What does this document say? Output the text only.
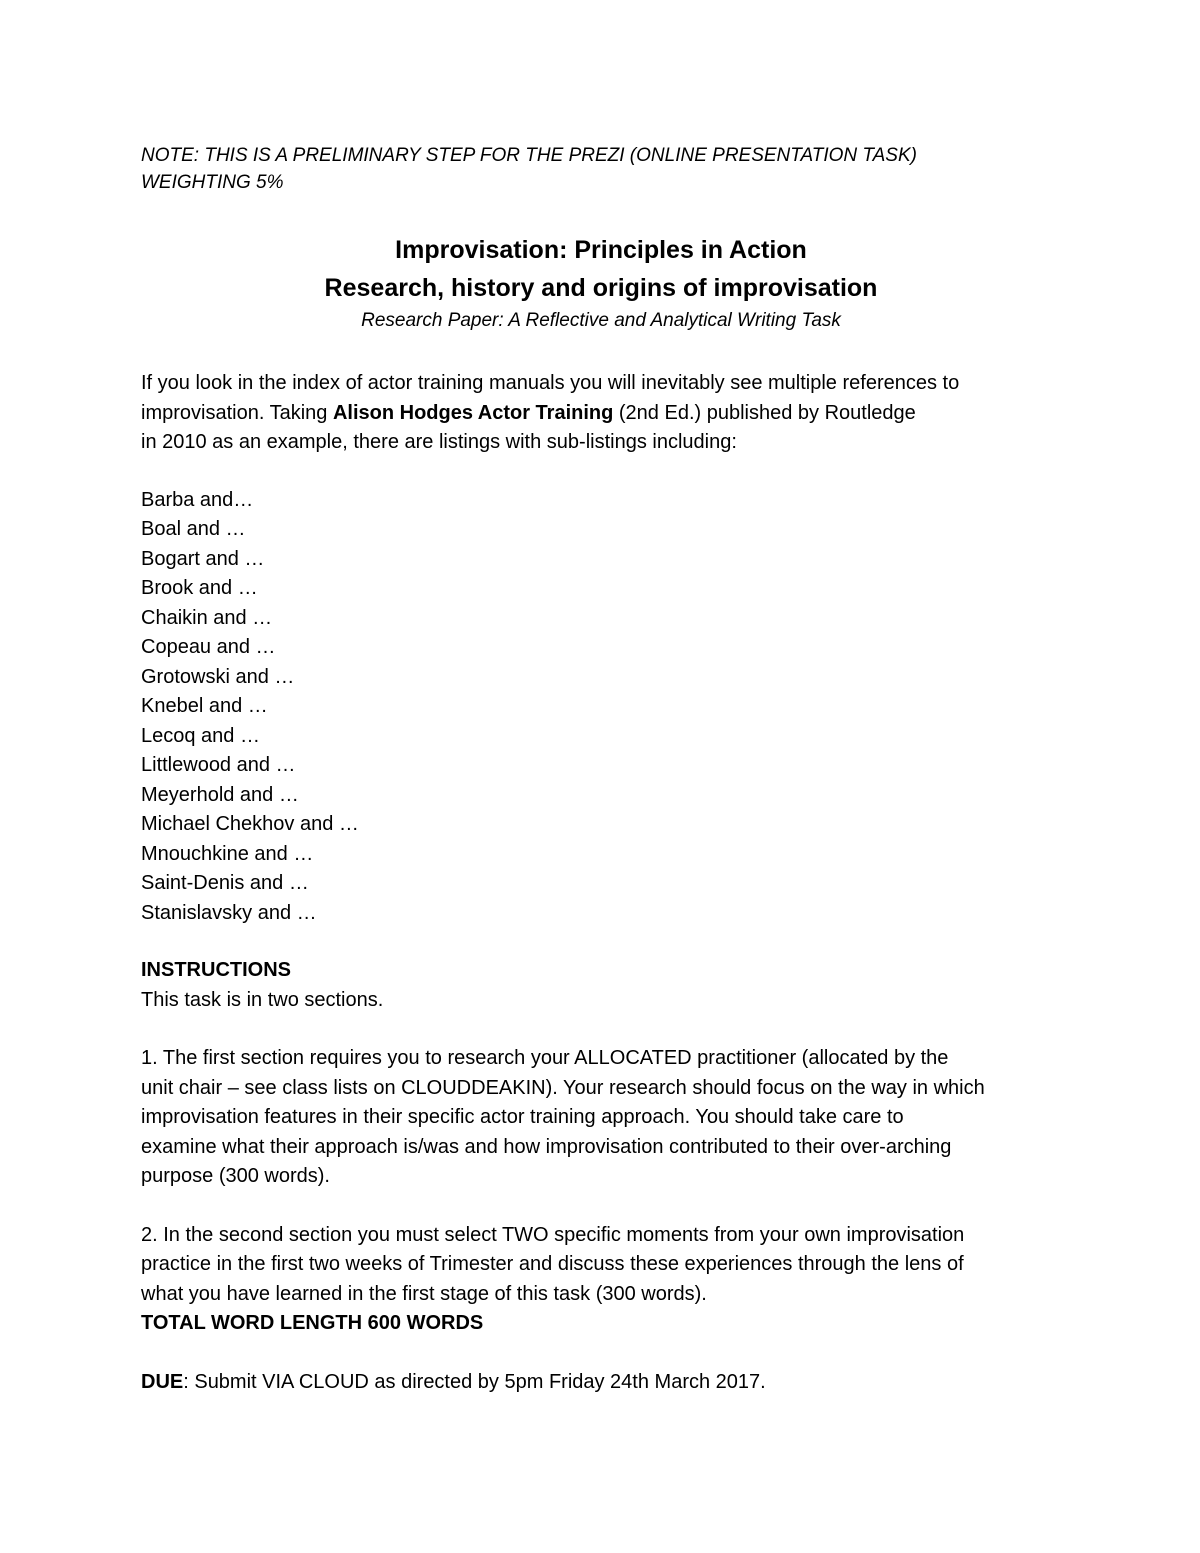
NOTE: THIS IS A PRELIMINARY STEP FOR THE PREZI (ONLINE PRESENTATION TASK)
WEIGHTING 5%

Improvisation: Principles in Action

Research, history and origins of improvisation

Research Paper: A Reflective and Analytical Writing Task

If you look in the index of actor training manuals you will inevitably see multiple references to
improvisation. Taking Alison Hodges Actor Training (2nd Ed.) published by Routledge
in 2010 as an example, there are listings with sub-listings including:

Barba and…
Boal and …
Bogart and …
Brook and …
Chaikin and …
Copeau and …
Grotowski and …
Knebel and …
Lecoq and …
Littlewood and …
Meyerhold and …
Michael Chekhov and …
Mnouchkine and …
Saint-Denis and …
Stanislavsky and …

INSTRUCTIONS

This task is in two sections.

1. The first section requires you to research your ALLOCATED practitioner (allocated by the
unit chair – see class lists on CLOUDDEAKIN). Your research should focus on the way in which
improvisation features in their specific actor training approach. You should take care to
examine what their approach is/was and how improvisation contributed to their over-arching
purpose (300 words).

2. In the second section you must select TWO specific moments from your own improvisation
practice in the first two weeks of Trimester and discuss these experiences through the lens of
what you have learned in the first stage of this task (300 words).
TOTAL WORD LENGTH 600 WORDS

DUE: Submit VIA CLOUD as directed by 5pm Friday 24th March 2017.
